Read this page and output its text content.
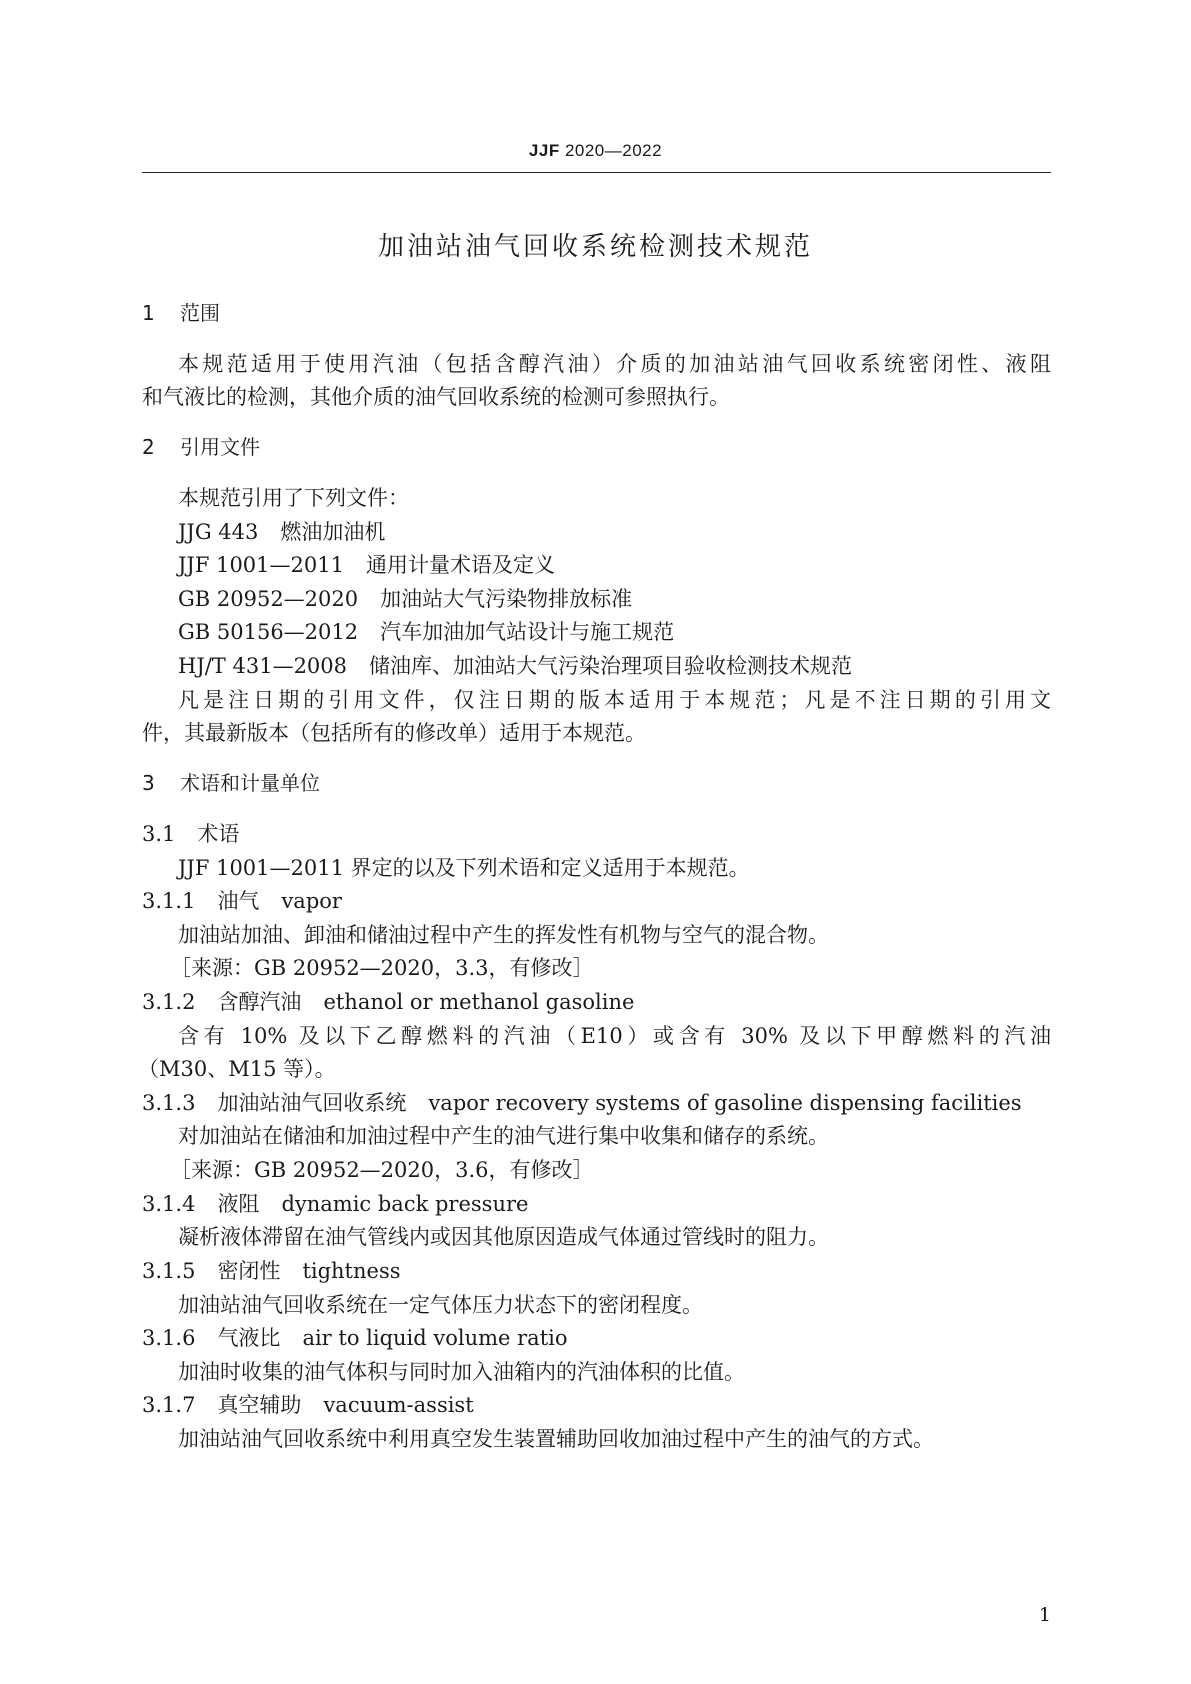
JJF 2020—2022
加油站油气回收系统检测技术规范
1 范围
本规范适用于使用汽油（包括含醇汽油）介质的加油站油气回收系统密闭性、液阻
和气液比的检测，其他介质的油气回收系统的检测可参照执行。
2 引用文件
本规范引用了下列文件：
JJG 443 燃油加油机
JJF 1001—2011 通用计量术语及定义
GB 20952—2020 加油站大气污染物排放标准
GB 50156—2012 汽车加油加气站设计与施工规范
HJ/T 431—2008 储油库、加油站大气污染治理项目验收检测技术规范
凡是注日期的引用文件，仅注日期的版本适用于本规范；凡是不注日期的引用文
件，其最新版本（包括所有的修改单）适用于本规范。
3 术语和计量单位
3.1 术语
JJF 1001—2011 界定的以及下列术语和定义适用于本规范。
3.1.1 油气 vapor
加油站加油、卸油和储油过程中产生的挥发性有机物与空气的混合物。
［来源：GB 20952—2020，3.3，有修改］
3.1.2 含醇汽油 ethanol or methanol gasoline
含有 10% 及以下乙醇燃料的汽油（E10）或含有 30% 及以下甲醇燃料的汽油
（M30、M15 等）。
3.1.3 加油站油气回收系统 vapor recovery systems of gasoline dispensing facilities
对加油站在储油和加油过程中产生的油气进行集中收集和储存的系统。
［来源：GB 20952—2020，3.6，有修改］
3.1.4 液阻 dynamic back pressure
凝析液体滞留在油气管线内或因其他原因造成气体通过管线时的阻力。
3.1.5 密闭性 tightness
加油站油气回收系统在一定气体压力状态下的密闭程度。
3.1.6 气液比 air to liquid volume ratio
加油时收集的油气体积与同时加入油箱内的汽油体积的比值。
3.1.7 真空辅助 vacuum-assist
加油站油气回收系统中利用真空发生装置辅助回收加油过程中产生的油气的方式。
1
